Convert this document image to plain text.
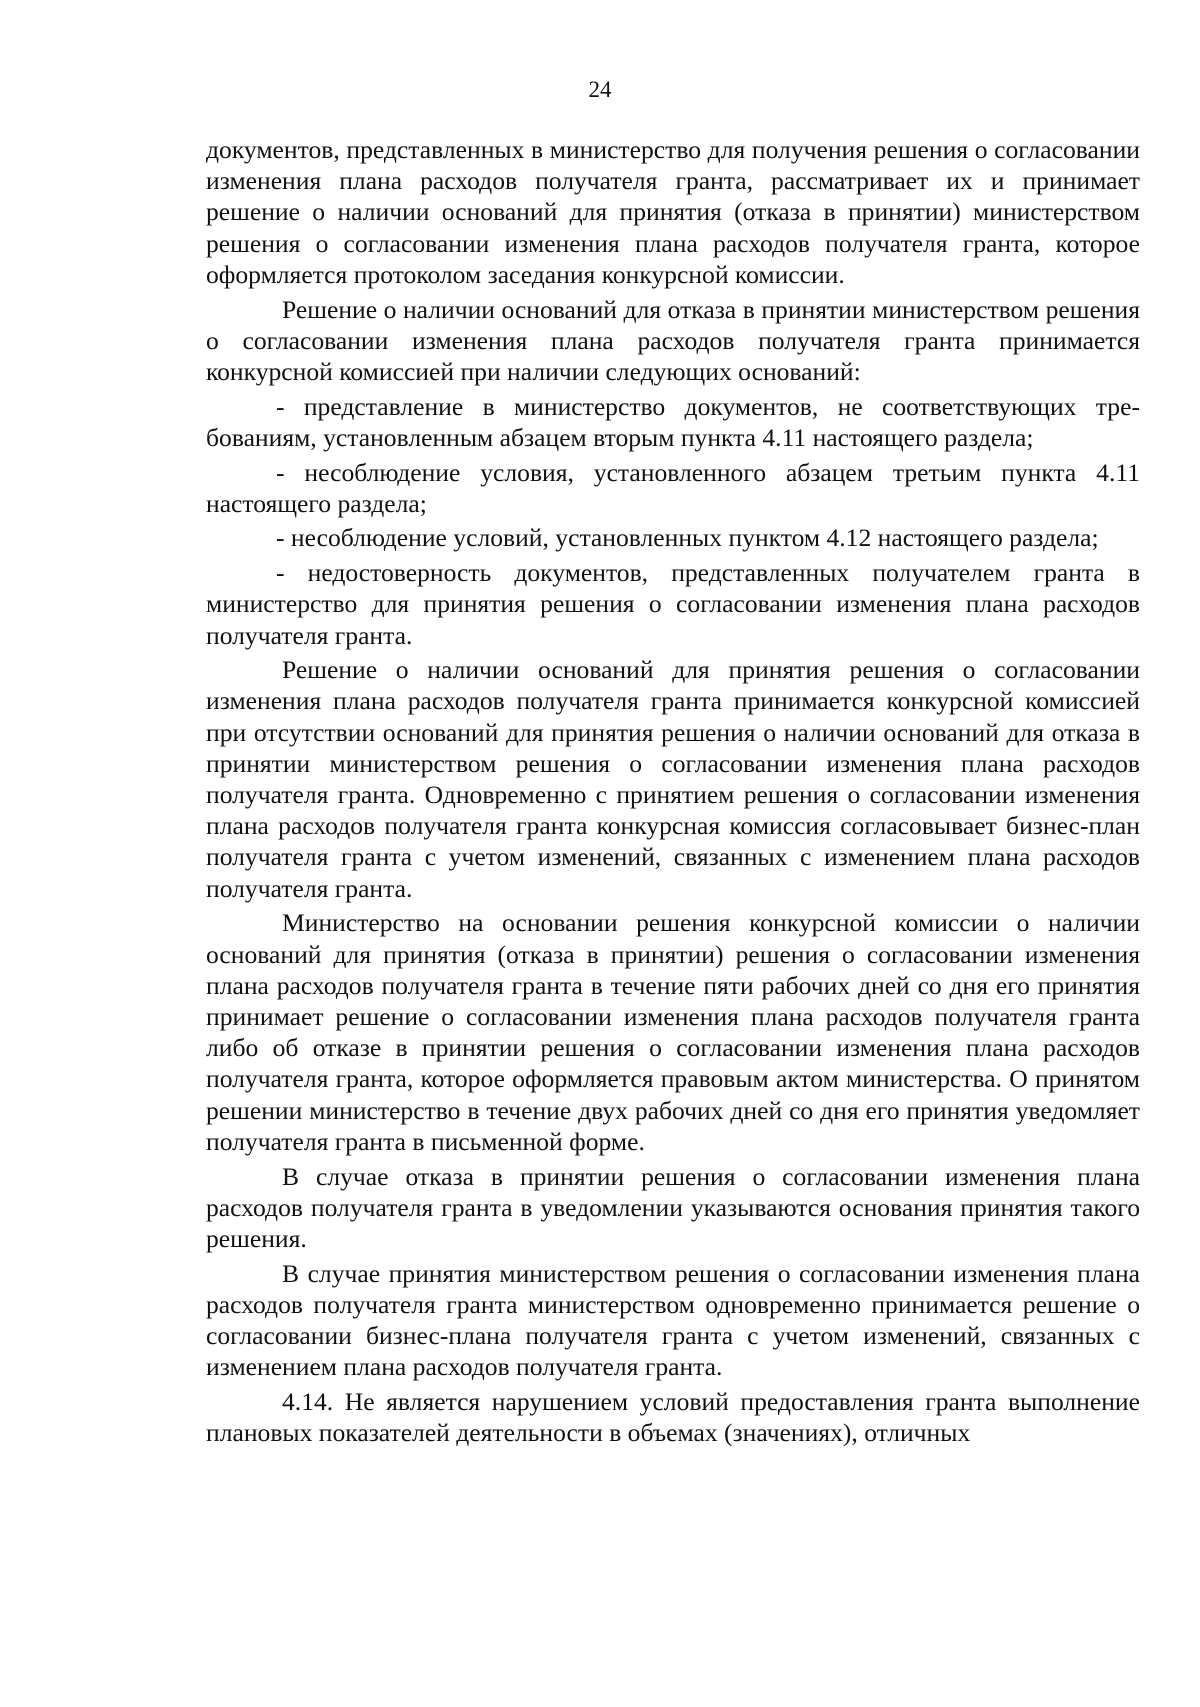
24

документов, представленных в министерство для получения решения о согласовании изменения плана расходов получателя гранта, рассматривает их и принимает решение о наличии оснований для принятия (отказа в принятии) министерством решения о согласовании изменения плана расходов получателя гранта, которое оформляется протоколом заседания конкурсной комиссии.

Решение о наличии оснований для отказа в принятии министерством решения о согласовании изменения плана расходов получателя гранта принимается конкурсной комиссией при наличии следующих оснований:

- представление в министерство документов, не соответствующих требованиям, установленным абзацем вторым пункта 4.11 настоящего раздела;

- несоблюдение условия, установленного абзацем третьим пункта 4.11 настоящего раздела;

- несоблюдение условий, установленных пунктом 4.12 настоящего раздела;

- недостоверность документов, представленных получателем гранта в министерство для принятия решения о согласовании изменения плана расходов получателя гранта.

Решение о наличии оснований для принятия решения о согласовании изменения плана расходов получателя гранта принимается конкурсной комиссией при отсутствии оснований для принятия решения о наличии оснований для отказа в принятии министерством решения о согласовании изменения плана расходов получателя гранта. Одновременно с принятием решения о согласовании изменения плана расходов получателя гранта конкурсная комиссия согласовывает бизнес-план получателя гранта с учетом изменений, связанных с изменением плана расходов получателя гранта.

Министерство на основании решения конкурсной комиссии о наличии оснований для принятия (отказа в принятии) решения о согласовании изменения плана расходов получателя гранта в течение пяти рабочих дней со дня его принятия принимает решение о согласовании изменения плана расходов получателя гранта либо об отказе в принятии решения о согласовании изменения плана расходов получателя гранта, которое оформляется правовым актом министерства. О принятом решении министерство в течение двух рабочих дней со дня его принятия уведомляет получателя гранта в письменной форме.

В случае отказа в принятии решения о согласовании изменения плана расходов получателя гранта в уведомлении указываются основания принятия такого решения.

В случае принятия министерством решения о согласовании изменения плана расходов получателя гранта министерством одновременно принимается решение о согласовании бизнес-плана получателя гранта с учетом изменений, связанных с изменением плана расходов получателя гранта.

4.14. Не является нарушением условий предоставления гранта выполнение плановых показателей деятельности в объемах (значениях), отличных
